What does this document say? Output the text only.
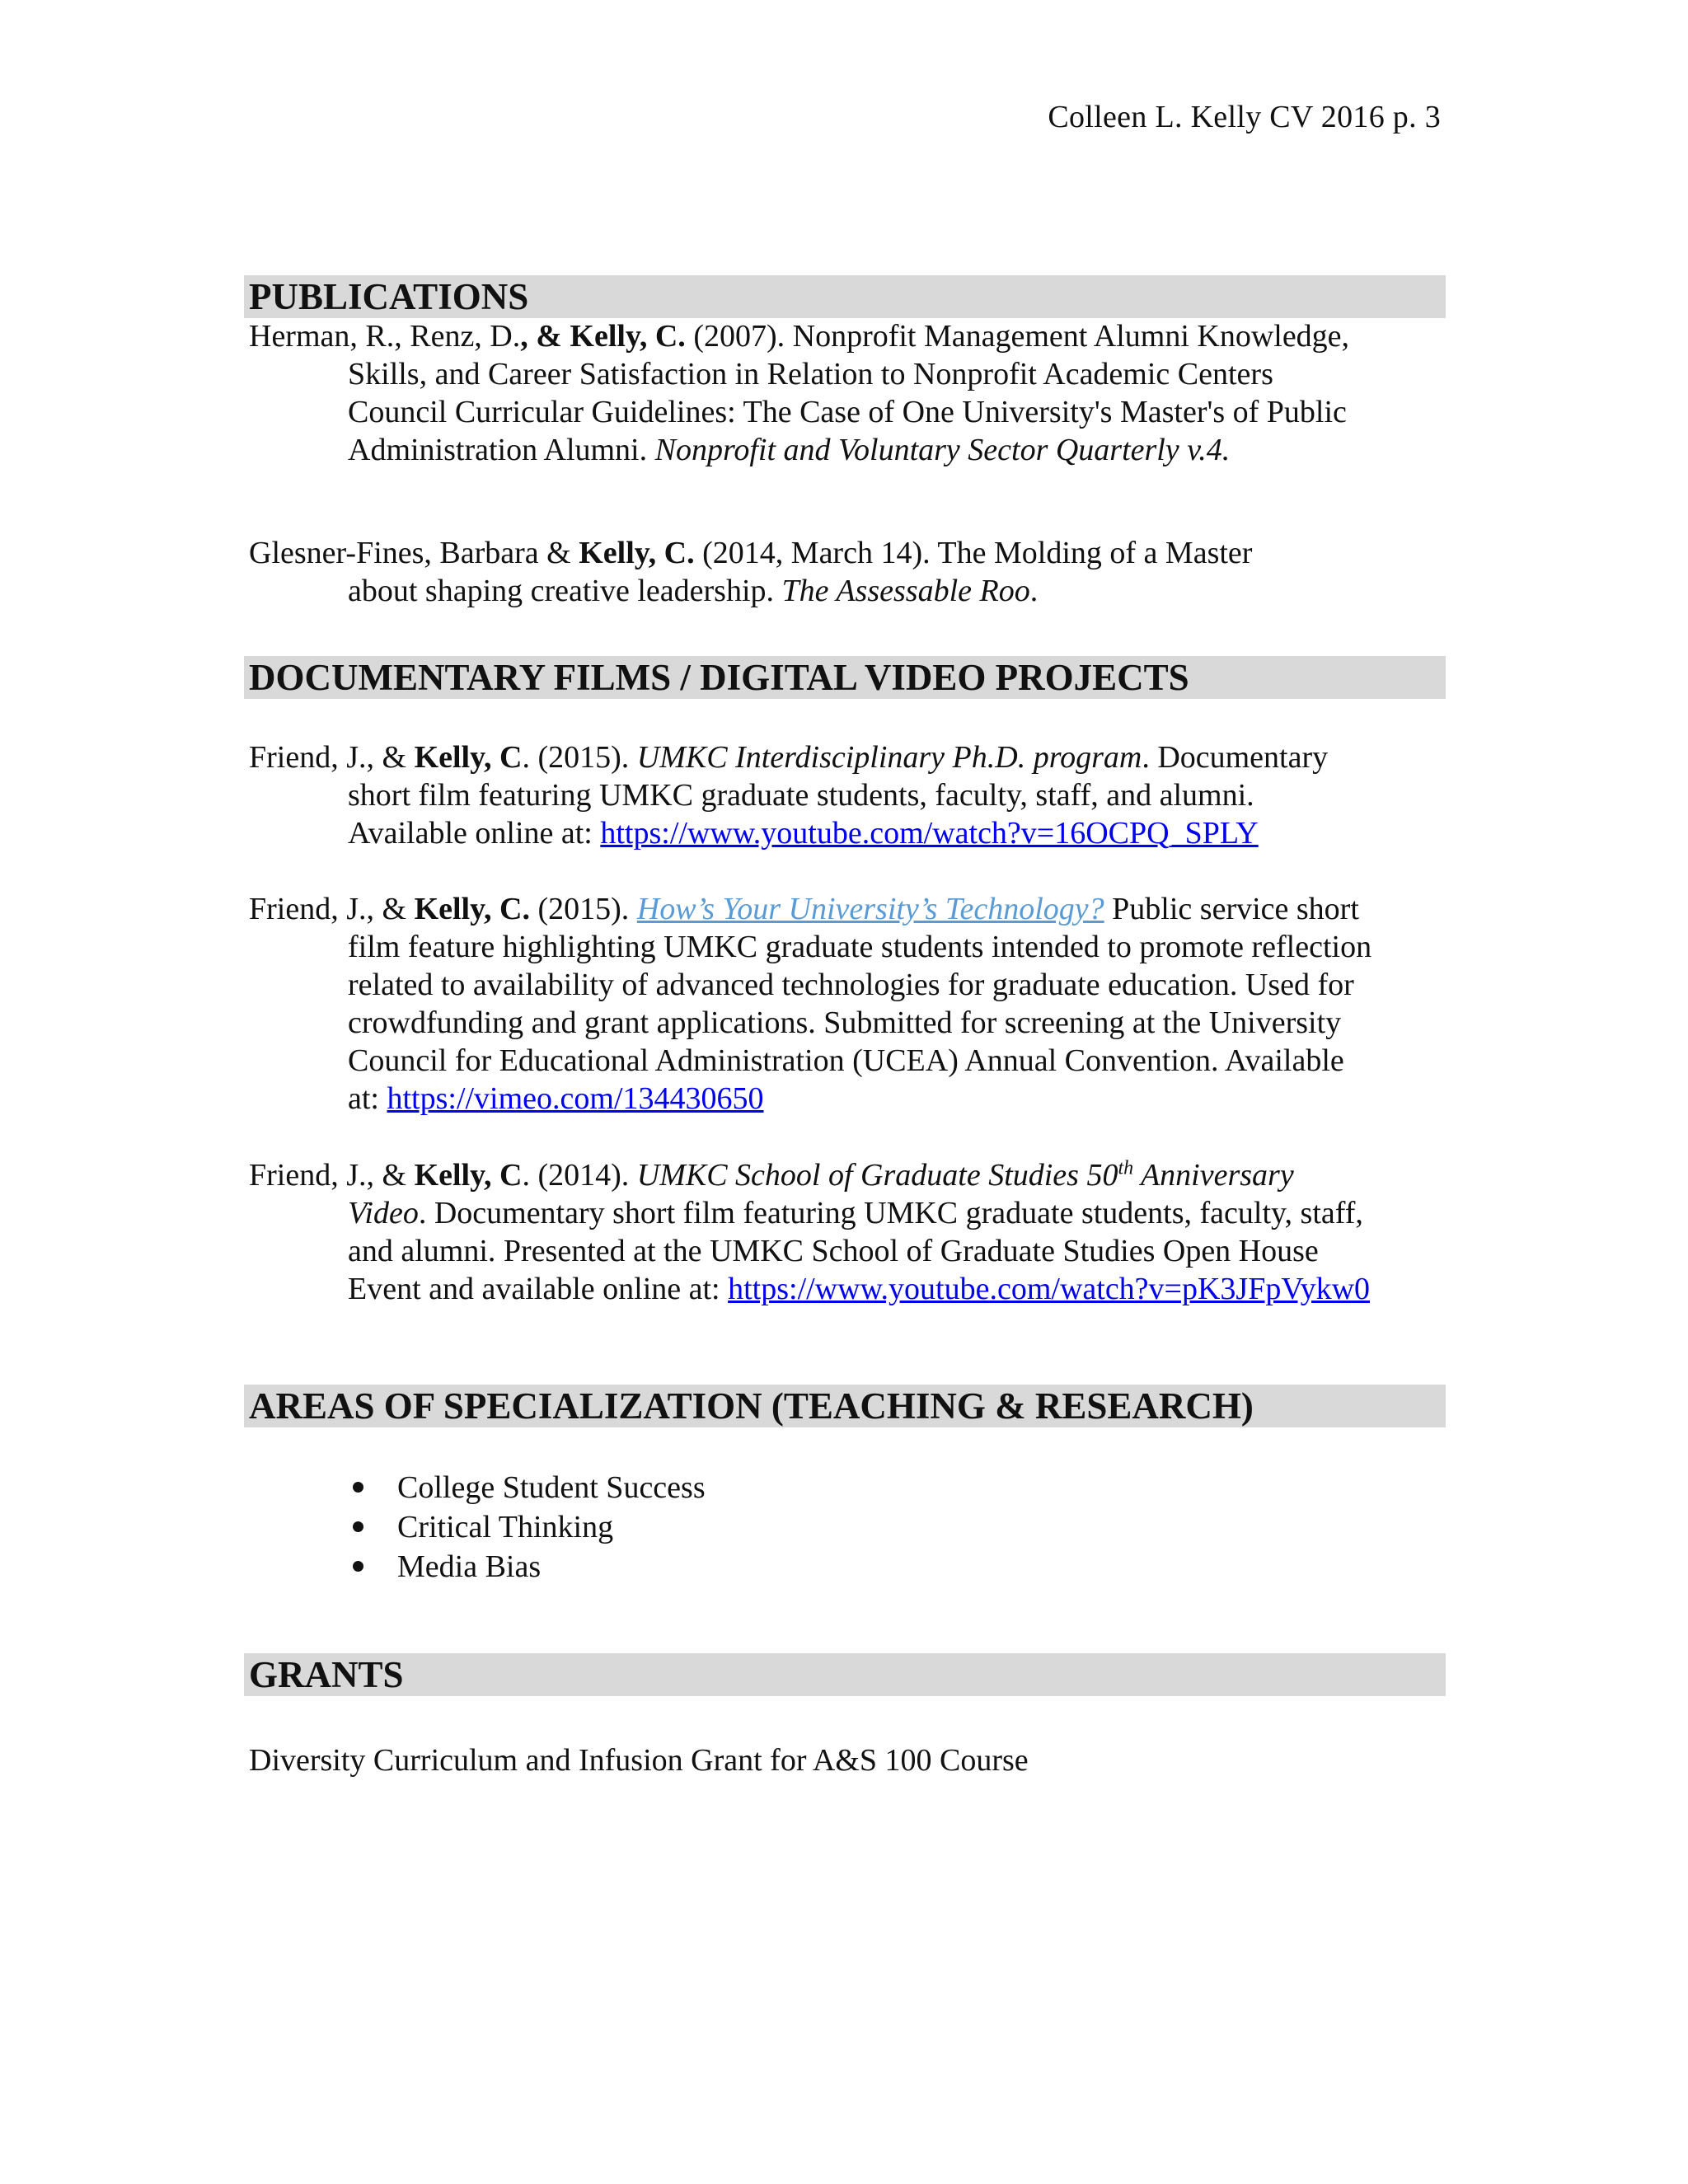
Colleen L. Kelly CV 2016 p. 3
PUBLICATIONS
Herman, R., Renz, D., & Kelly, C. (2007). Nonprofit Management Alumni Knowledge,
Skills, and Career Satisfaction in Relation to Nonprofit Academic Centers
Council Curricular Guidelines: The Case of One University's Master's of Public
Administration Alumni. Nonprofit and Voluntary Sector Quarterly v.4.
Glesner-Fines, Barbara & Kelly, C. (2014, March 14). The Molding of a Master
about shaping creative leadership. The Assessable Roo.
DOCUMENTARY FILMS / DIGITAL VIDEO PROJECTS
Friend, J., & Kelly, C. (2015). UMKC Interdisciplinary Ph.D. program. Documentary
short film featuring UMKC graduate students, faculty, staff, and alumni.
Available online at: https://www.youtube.com/watch?v=16OCPQ_SPLY
Friend, J., & Kelly, C. (2015). How’s Your University’s Technology? Public service short
film feature highlighting UMKC graduate students intended to promote reflection
related to availability of advanced technologies for graduate education. Used for
crowdfunding and grant applications. Submitted for screening at the University
Council for Educational Administration (UCEA) Annual Convention. Available
at: https://vimeo.com/134430650
Friend, J., & Kelly, C. (2014). UMKC School of Graduate Studies 50th Anniversary
Video. Documentary short film featuring UMKC graduate students, faculty, staff,
and alumni. Presented at the UMKC School of Graduate Studies Open House
Event and available online at: https://www.youtube.com/watch?v=pK3JFpVykw0
AREAS OF SPECIALIZATION (TEACHING & RESEARCH)
College Student Success
Critical Thinking
Media Bias
GRANTS
Diversity Curriculum and Infusion Grant for A&S 100 Course
